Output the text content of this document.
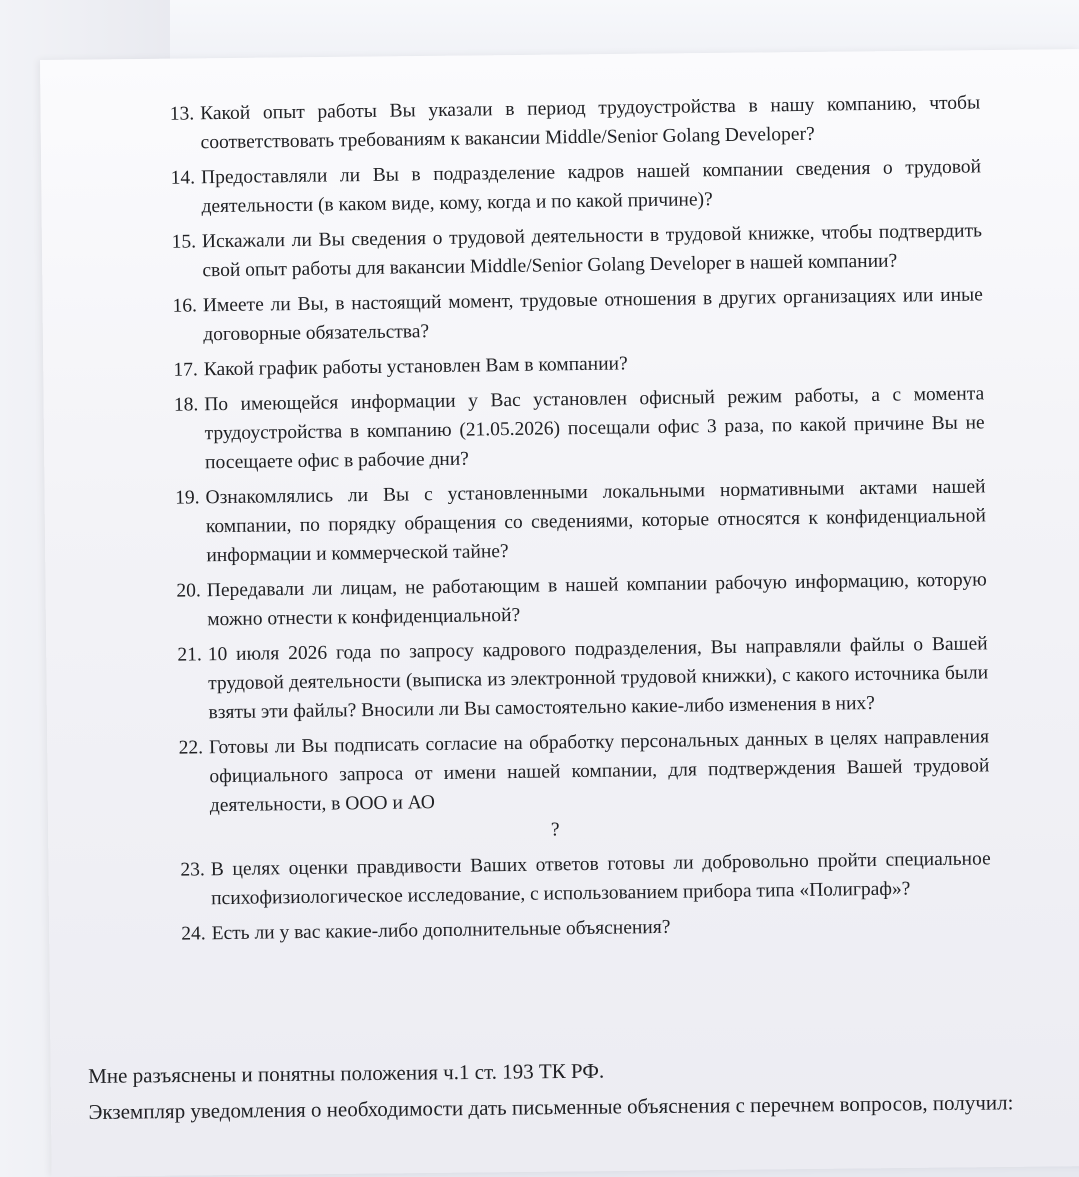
13. Какой опыт работы Вы указали в период трудоустройства в нашу компанию, чтобы соответствовать требованиям к вакансии Middle/Senior Golang Developer?
14. Предоставляли ли Вы в подразделение кадров нашей компании сведения о трудовой деятельности (в каком виде, кому, когда и по какой причине)?
15. Искажали ли Вы сведения о трудовой деятельности в трудовой книжке, чтобы подтвердить свой опыт работы для вакансии Middle/Senior Golang Developer в нашей компании?
16. Имеете ли Вы, в настоящий момент, трудовые отношения в других организациях или иные договорные обязательства?
17. Какой график работы установлен Вам в компании?
18. По имеющейся информации у Вас установлен офисный режим работы, а с момента трудоустройства в компанию (21.05.2026) посещали офис 3 раза, по какой причине Вы не посещаете офис в рабочие дни?
19. Ознакомлялись ли Вы с установленными локальными нормативными актами нашей компании, по порядку обращения со сведениями, которые относятся к конфиденциальной информации и коммерческой тайне?
20. Передавали ли лицам, не работающим в нашей компании рабочую информацию, которую можно отнести к конфиденциальной?
21. 10 июля 2026 года по запросу кадрового подразделения, Вы направляли файлы о Вашей трудовой деятельности (выписка из электронной трудовой книжки), с какого источника были взяты эти файлы? Вносили ли Вы самостоятельно какие-либо изменения в них?
22. Готовы ли Вы подписать согласие на обработку персональных данных в целях направления официального запроса от имени нашей компании, для подтверждения Вашей трудовой деятельности, в ООО и АО
?
23. В целях оценки правдивости Ваших ответов готовы ли добровольно пройти специальное психофизиологическое исследование, с использованием прибора типа «Полиграф»?
24. Есть ли у вас какие-либо дополнительные объяснения?

Мне разъяснены и понятны положения ч.1 ст. 193 ТК РФ.

Экземпляр уведомления о необходимости дать письменные объяснения с перечнем вопросов, получил:
